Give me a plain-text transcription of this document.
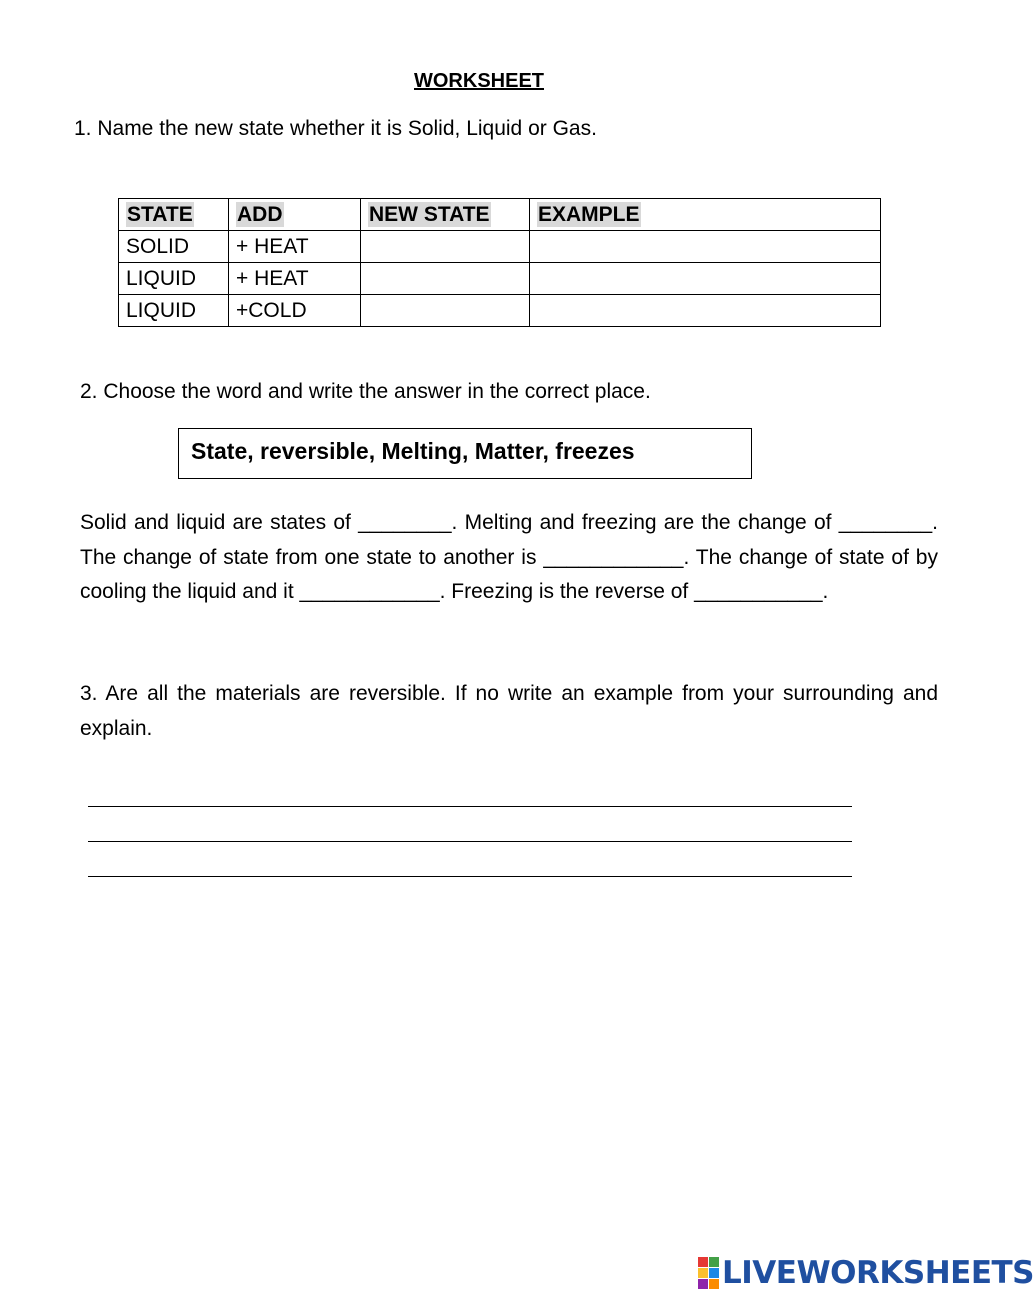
WORKSHEET
1. Name the new state whether it is Solid, Liquid or Gas.
STATE	ADD	NEW STATE	EXAMPLE
SOLID	+ HEAT		
LIQUID	+ HEAT		
LIQUID	+COLD		
2. Choose the word and write the answer in the correct place.
State, reversible, Melting, Matter, freezes
Solid and liquid are states of ________. Melting and freezing are the change of ________. The change of state from one state to another is ____________. The change of state of by cooling the liquid and it ____________. Freezing is the reverse of ___________.
3. Are all the materials are reversible. If no write an example from your surrounding and explain.
LIVEWORKSHEETS
